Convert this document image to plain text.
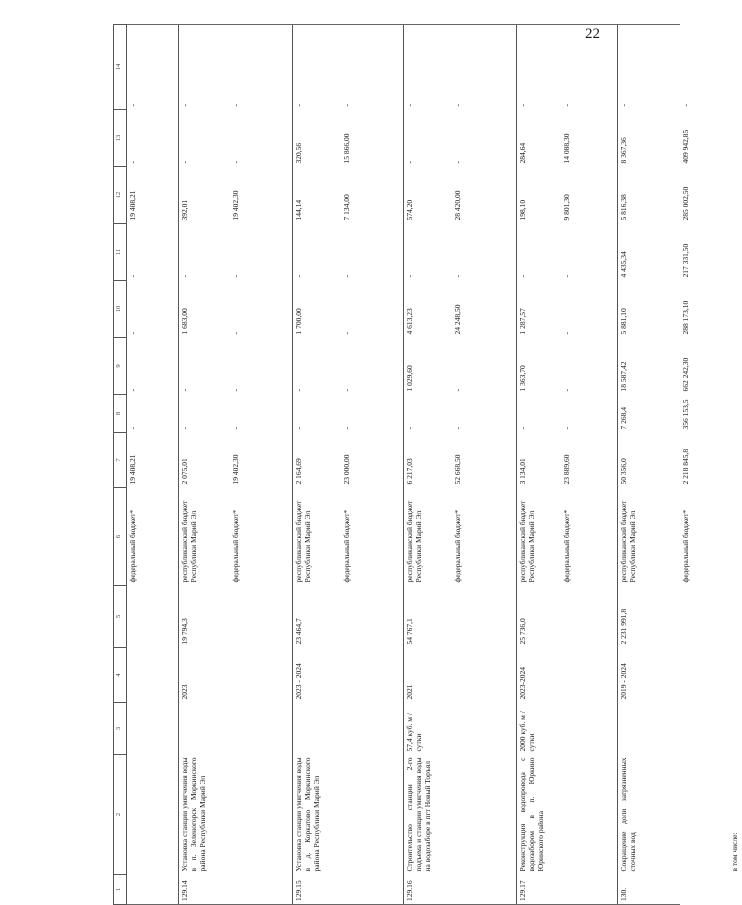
22
1	2	3	4	5	6	7	8	9	10	11	12	13	14
					федеральный бюджет*	19 408,21	-	-	-	-	19 408,21	-	-
129.14	Установка станции умягчения воды в п. Зеленогорск Моркинского района Республики Марий Эл		2023	19 794,3	республиканский бюджет Республики Марий Эл	2 075,01	-	-	1 683,00	-	392,01	-	-
					федеральный бюджет*	19 402,30	-	-	-	-	19 402,30	-	-
129.15	Установка станции умягчения воды в д. Коркатово Моркинского района Республики Марий Эл		2023 - 2024	23 464,7	республиканский бюджет Республики Марий Эл	2 164,69	-	-	1 700,00	-	144,14	320,56	-
					федеральный бюджет*	23 000,00	-	-	-	-	7 134,00	15 866,00	-
129.16	Строительство станции 2-го подъема и станции умягчения воды на водозаборе в пгт Новый Торъял	57,4 куб. м / сутки	2021	54 767,1	республиканский бюджет Республики Марий Эл	6 217,03	-	1 029,60	4 613,23	-	574,20	-	-
					федеральный бюджет*	52 668,50	-	-	24 248,50	-	28 420,00	-	-
129.17	Реконструкция водопровода с водозабором в п. Юркино Юринского района	2000 куб. м / сутки	2023-2024	25 736,0	республиканский бюджет Республики Марий Эл	3 134,01	-	1 363,70	1 287,57	-	198,10	284,64	-
					федеральный бюджет*	23 889,60	-	-	-	-	9 801,30	14 088,30	-
130.	Сокращение доли загрязненных сточных вод		2019 - 2024	2 231 991,8	республиканский бюджет Республики Марий Эл	50 356,0	7 268,4	18 587,42	5 881,10	4 435,34	5 816,38	8 367,36	-
	в том числе:				федеральный бюджет*	2 218 845,8	356 153,5	662 242,30	288 173,10	217 331,50	285 002,50	409 942,85	-
